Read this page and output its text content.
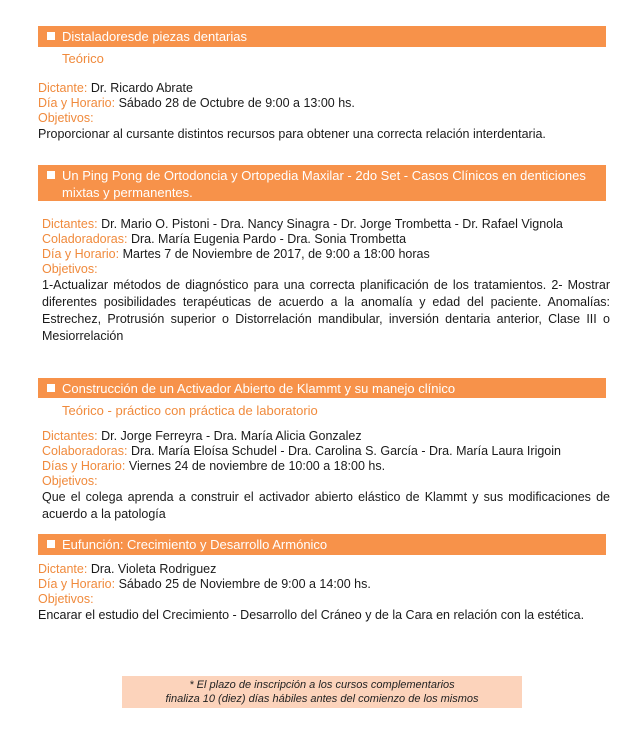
Distaladoresde piezas dentarias
Teórico
Dictante: Dr. Ricardo Abrate
Día y Horario: Sábado 28 de Octubre de 9:00 a 13:00 hs.
Objetivos:
Proporcionar al cursante distintos recursos para obtener una correcta relación interdentaria.
Un Ping Pong de Ortodoncia y Ortopedia Maxilar - 2do Set - Casos Clínicos en denticiones mixtas y permanentes.
Dictantes: Dr. Mario O. Pistoni - Dra. Nancy Sinagra - Dr. Jorge Trombetta - Dr. Rafael Vignola
Coladoradoras: Dra. María Eugenia Pardo - Dra. Sonia Trombetta
Día y Horario: Martes 7 de Noviembre de 2017, de 9:00 a 18:00 horas
Objetivos:
1-Actualizar métodos de diagnóstico para una correcta planificación de los tratamientos. 2- Mostrar diferentes posibilidades terapéuticas de acuerdo a la anomalía y edad del paciente. Anomalías: Estrechez, Protrusión superior o Distorrelación mandibular, inversión dentaria anterior, Clase III o Mesiorrelación
Construcción de un Activador Abierto de Klammt y su manejo clínico
Teórico - práctico con práctica de laboratorio
Dictantes: Dr. Jorge Ferreyra - Dra. María Alicia Gonzalez
Colaboradoras: Dra. María Eloísa Schudel - Dra. Carolina S. García - Dra. María Laura Irigoin
Días y Horario: Viernes 24 de noviembre de 10:00 a 18:00 hs.
Objetivos:
Que el colega aprenda a construir el activador abierto elástico de Klammt y sus modificaciones de acuerdo a la patología
Eufunción: Crecimiento y Desarrollo Armónico
Dictante: Dra. Violeta Rodriguez
Día y Horario: Sábado 25 de Noviembre de 9:00 a 14:00 hs.
Objetivos:
Encarar el estudio del Crecimiento - Desarrollo del Cráneo y de la Cara en relación con la estética.
* El plazo de inscripción a los cursos complementarios
finaliza 10 (diez) días hábiles antes del comienzo de los mismos
